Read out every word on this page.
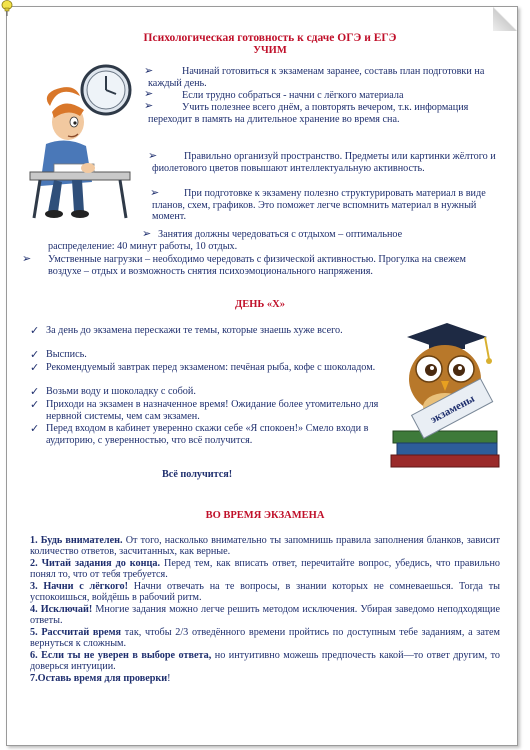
Психологическая готовность к сдаче ОГЭ и ЕГЭ
УЧИМ
➢	Начинай готовиться к экзаменам заранее, составь план подготовки на каждый день.
➢	Если трудно собраться - начни с лёгкого материала
➢	Учить полезнее всего днём, а повторять вечером, т.к. информация переходит в память на длительное хранение во время сна.
➢	Правильно организуй пространство. Предметы или картинки жёлтого и фиолетового цветов повышают интеллектуальную активность.
➢	При подготовке к экзамену полезно структурировать материал в виде планов, схем, графиков. Это поможет легче вспомнить материал в нужный момент.
➢ Занятия должны чередоваться с отдыхом – оптимальное распределение: 40 минут работы, 10 отдых.
➢ Умственные нагрузки – необходимо чередовать с физической активностью. Прогулка на свежем воздухе – отдых и возможность снятия психоэмоционального напряжения.
ДЕНЬ «Х»
✓ За день до экзамена перескажи те темы, которые знаешь хуже всего.
✓ Выспись.
✓ Рекомендуемый завтрак перед экзаменом: печёная рыба, кофе с шоколадом.
✓ Возьми воду и шоколадку с собой.
✓ Приходи на экзамен в назначенное время! Ожидание более утомительно для нервной системы, чем сам экзамен.
✓ Перед входом в кабинет уверенно скажи себе «Я спокоен!» Смело входи в аудиторию, с уверенностью, что всё получится.
Всё получится!
экзамены
ВО ВРЕМЯ ЭКЗАМЕНА
1. Будь внимателен. От того, насколько внимательно ты запомнишь правила заполнения бланков, зависит количество ответов, засчитанных, как верные.
2. Читай задания до конца. Перед тем, как вписать ответ, перечитайте вопрос, убедись, что правильно понял то, что от тебя требуется.
3. Начни с лёгкого! Начни отвечать на те вопросы, в знании которых не сомневаешься. Тогда ты успокоишься, войдёшь в рабочий ритм.
4. Исключай! Многие задания можно легче решить методом исключения. Убирая заведомо неподходящие ответы.
5. Рассчитай время так, чтобы 2/3 отведённого времени пройтись по доступным тебе заданиям, а затем вернуться к сложным.
6. Если ты не уверен в выборе ответа, но интуитивно можешь предпочесть какой—то ответ другим, то доверься интуиции.
7.Оставь время для проверки!
